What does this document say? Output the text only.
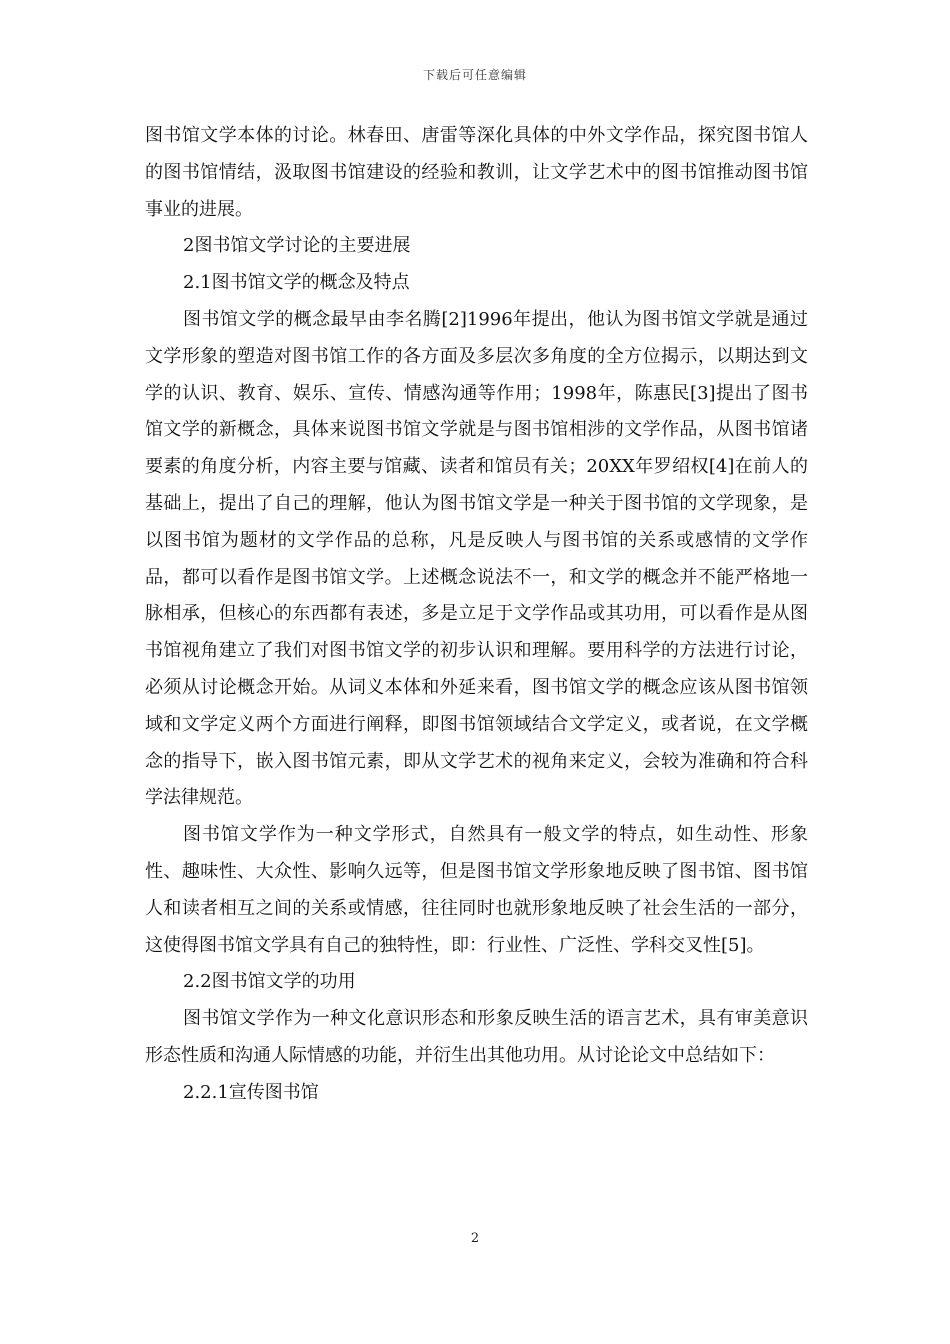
下载后可任意编辑

图书馆文学本体的讨论。林春田、唐雷等深化具体的中外文学作品，探究图书馆人的图书馆情结，汲取图书馆建设的经验和教训，让文学艺术中的图书馆推动图书馆事业的进展。

2图书馆文学讨论的主要进展

2.1图书馆文学的概念及特点

图书馆文学的概念最早由李名腾[2]1996年提出，他认为图书馆文学就是通过文学形象的塑造对图书馆工作的各方面及多层次多角度的全方位揭示，以期达到文学的认识、教育、娱乐、宣传、情感沟通等作用；1998年，陈惠民[3]提出了图书馆文学的新概念，具体来说图书馆文学就是与图书馆相涉的文学作品，从图书馆诸要素的角度分析，内容主要与馆藏、读者和馆员有关；20XX年罗绍权[4]在前人的基础上，提出了自己的理解，他认为图书馆文学是一种关于图书馆的文学现象，是以图书馆为题材的文学作品的总称，凡是反映人与图书馆的关系或感情的文学作品，都可以看作是图书馆文学。上述概念说法不一，和文学的概念并不能严格地一脉相承，但核心的东西都有表述，多是立足于文学作品或其功用，可以看作是从图书馆视角建立了我们对图书馆文学的初步认识和理解。要用科学的方法进行讨论，必须从讨论概念开始。从词义本体和外延来看，图书馆文学的概念应该从图书馆领域和文学定义两个方面进行阐释，即图书馆领域结合文学定义，或者说，在文学概念的指导下，嵌入图书馆元素，即从文学艺术的视角来定义，会较为准确和符合科学法律规范。

图书馆文学作为一种文学形式，自然具有一般文学的特点，如生动性、形象性、趣味性、大众性、影响久远等，但是图书馆文学形象地反映了图书馆、图书馆人和读者相互之间的关系或情感，往往同时也就形象地反映了社会生活的一部分，这使得图书馆文学具有自己的独特性，即：行业性、广泛性、学科交叉性[5]。

2.2图书馆文学的功用

图书馆文学作为一种文化意识形态和形象反映生活的语言艺术，具有审美意识形态性质和沟通人际情感的功能，并衍生出其他功用。从讨论论文中总结如下：

2.2.1宣传图书馆

2
